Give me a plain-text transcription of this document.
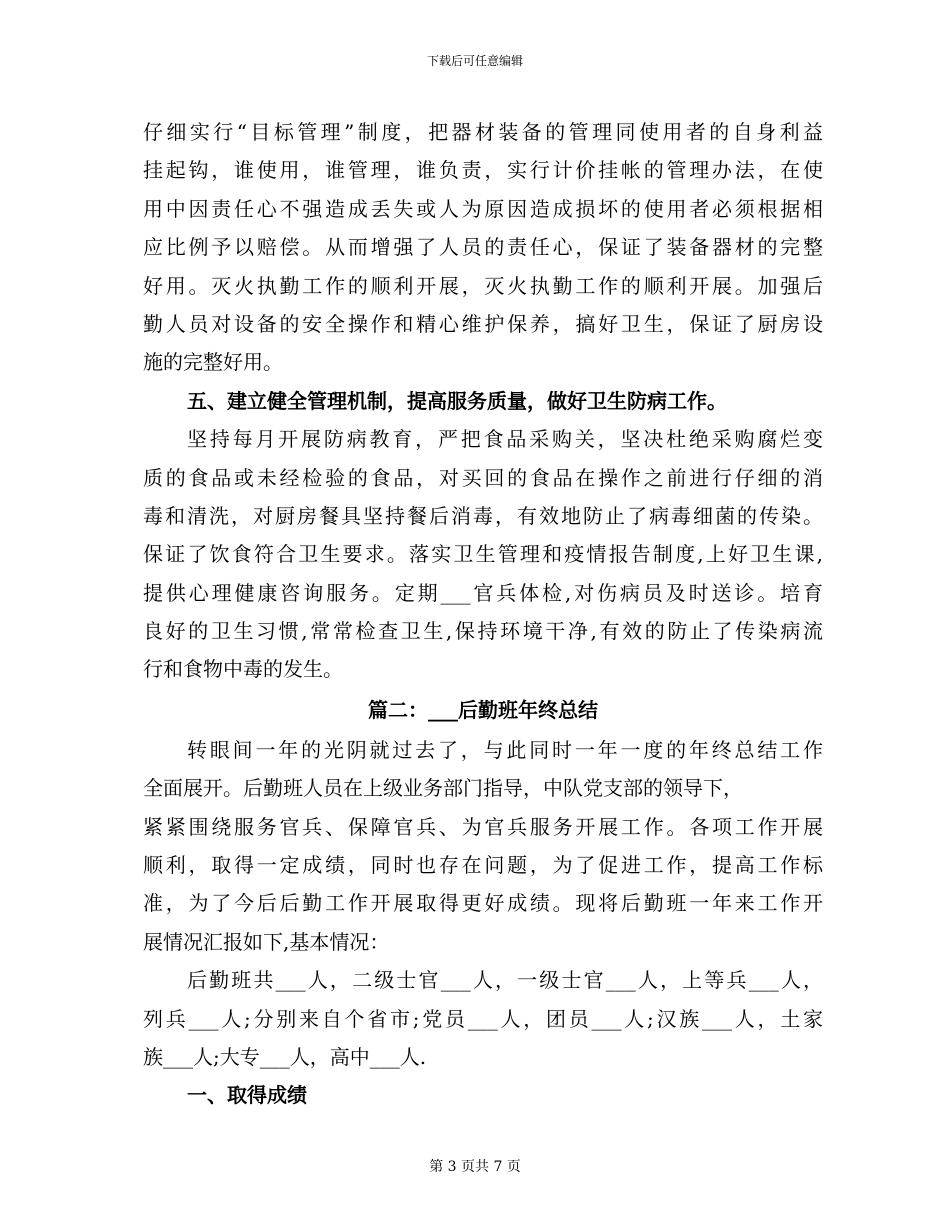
下载后可任意编辑
仔细实行“目标管理”制度，把器材装备的管理同使用者的自身利益
挂起钩，谁使用，谁管理，谁负责，实行计价挂帐的管理办法，在使
用中因责任心不强造成丢失或人为原因造成损坏的使用者必须根据相
应比例予以赔偿。从而增强了人员的责任心，保证了装备器材的完整
好用。灭火执勤工作的顺利开展，灭火执勤工作的顺利开展。加强后
勤人员对设备的安全操作和精心维护保养，搞好卫生，保证了厨房设
施的完整好用。
五、建立健全管理机制，提高服务质量，做好卫生防病工作。
坚持每月开展防病教育，严把食品采购关，坚决杜绝采购腐烂变
质的食品或未经检验的食品，对买回的食品在操作之前进行仔细的消
毒和清洗，对厨房餐具坚持餐后消毒，有效地防止了病毒细菌的传染。
保证了饮食符合卫生要求。落实卫生管理和疫情报告制度,上好卫生课,
提供心理健康咨询服务。定期___官兵体检,对伤病员及时送诊。培育
良好的卫生习惯,常常检查卫生,保持环境干净,有效的防止了传染病流
行和食物中毒的发生。
篇二：___后勤班年终总结
转眼间一年的光阴就过去了，与此同时一年一度的年终总结工作
全面展开。后勤班人员在上级业务部门指导，中队党支部的领导下，
紧紧围绕服务官兵、保障官兵、为官兵服务开展工作。各项工作开展
顺利，取得一定成绩，同时也存在问题，为了促进工作，提高工作标
准，为了今后后勤工作开展取得更好成绩。现将后勤班一年来工作开
展情况汇报如下,基本情况：
后勤班共___人，二级士官___人，一级士官___人，上等兵___人，
列兵___人;分别来自个省市;党员___人，团员___人;汉族___人，土家
族___人;大专___人，高中___人.
一、取得成绩
第 3 页共 7 页
